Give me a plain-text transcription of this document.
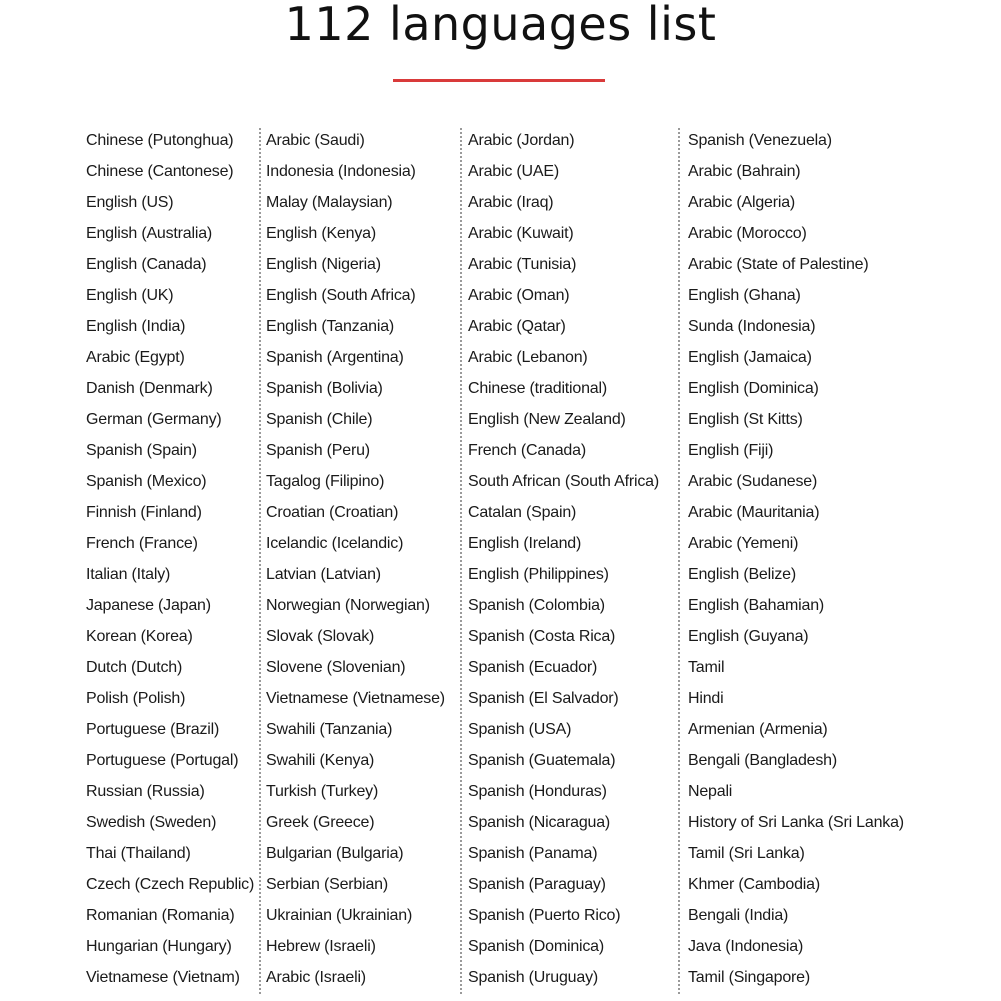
112 languages list
Chinese (Putonghua)
Chinese (Cantonese)
English (US)
English (Australia)
English (Canada)
English (UK)
English (India)
Arabic (Egypt)
Danish (Denmark)
German (Germany)
Spanish (Spain)
Spanish (Mexico)
Finnish (Finland)
French (France)
Italian (Italy)
Japanese (Japan)
Korean (Korea)
Dutch (Dutch)
Polish (Polish)
Portuguese (Brazil)
Portuguese (Portugal)
Russian (Russia)
Swedish (Sweden)
Thai (Thailand)
Czech (Czech Republic)
Romanian (Romania)
Hungarian (Hungary)
Vietnamese (Vietnam)
Arabic (Saudi)
Indonesia (Indonesia)
Malay (Malaysian)
English (Kenya)
English (Nigeria)
English (South Africa)
English (Tanzania)
Spanish (Argentina)
Spanish (Bolivia)
Spanish (Chile)
Spanish (Peru)
Tagalog (Filipino)
Croatian (Croatian)
Icelandic (Icelandic)
Latvian (Latvian)
Norwegian (Norwegian)
Slovak (Slovak)
Slovene (Slovenian)
Vietnamese (Vietnamese)
Swahili (Tanzania)
Swahili (Kenya)
Turkish (Turkey)
Greek (Greece)
Bulgarian (Bulgaria)
Serbian (Serbian)
Ukrainian (Ukrainian)
Hebrew (Israeli)
Arabic (Israeli)
Arabic (Jordan)
Arabic (UAE)
Arabic (Iraq)
Arabic (Kuwait)
Arabic (Tunisia)
Arabic (Oman)
Arabic (Qatar)
Arabic (Lebanon)
Chinese (traditional)
English (New Zealand)
French (Canada)
South African (South Africa)
Catalan (Spain)
English (Ireland)
English (Philippines)
Spanish (Colombia)
Spanish (Costa Rica)
Spanish (Ecuador)
Spanish (El Salvador)
Spanish (USA)
Spanish (Guatemala)
Spanish (Honduras)
Spanish (Nicaragua)
Spanish (Panama)
Spanish (Paraguay)
Spanish (Puerto Rico)
Spanish (Dominica)
Spanish (Uruguay)
Spanish (Venezuela)
Arabic (Bahrain)
Arabic (Algeria)
Arabic (Morocco)
Arabic (State of Palestine)
English (Ghana)
Sunda (Indonesia)
English (Jamaica)
English (Dominica)
English (St Kitts)
English (Fiji)
Arabic (Sudanese)
Arabic (Mauritania)
Arabic (Yemeni)
English (Belize)
English (Bahamian)
English (Guyana)
Tamil
Hindi
Armenian (Armenia)
Bengali (Bangladesh)
Nepali
History of Sri Lanka (Sri Lanka)
Tamil (Sri Lanka)
Khmer (Cambodia)
Bengali (India)
Java (Indonesia)
Tamil (Singapore)
